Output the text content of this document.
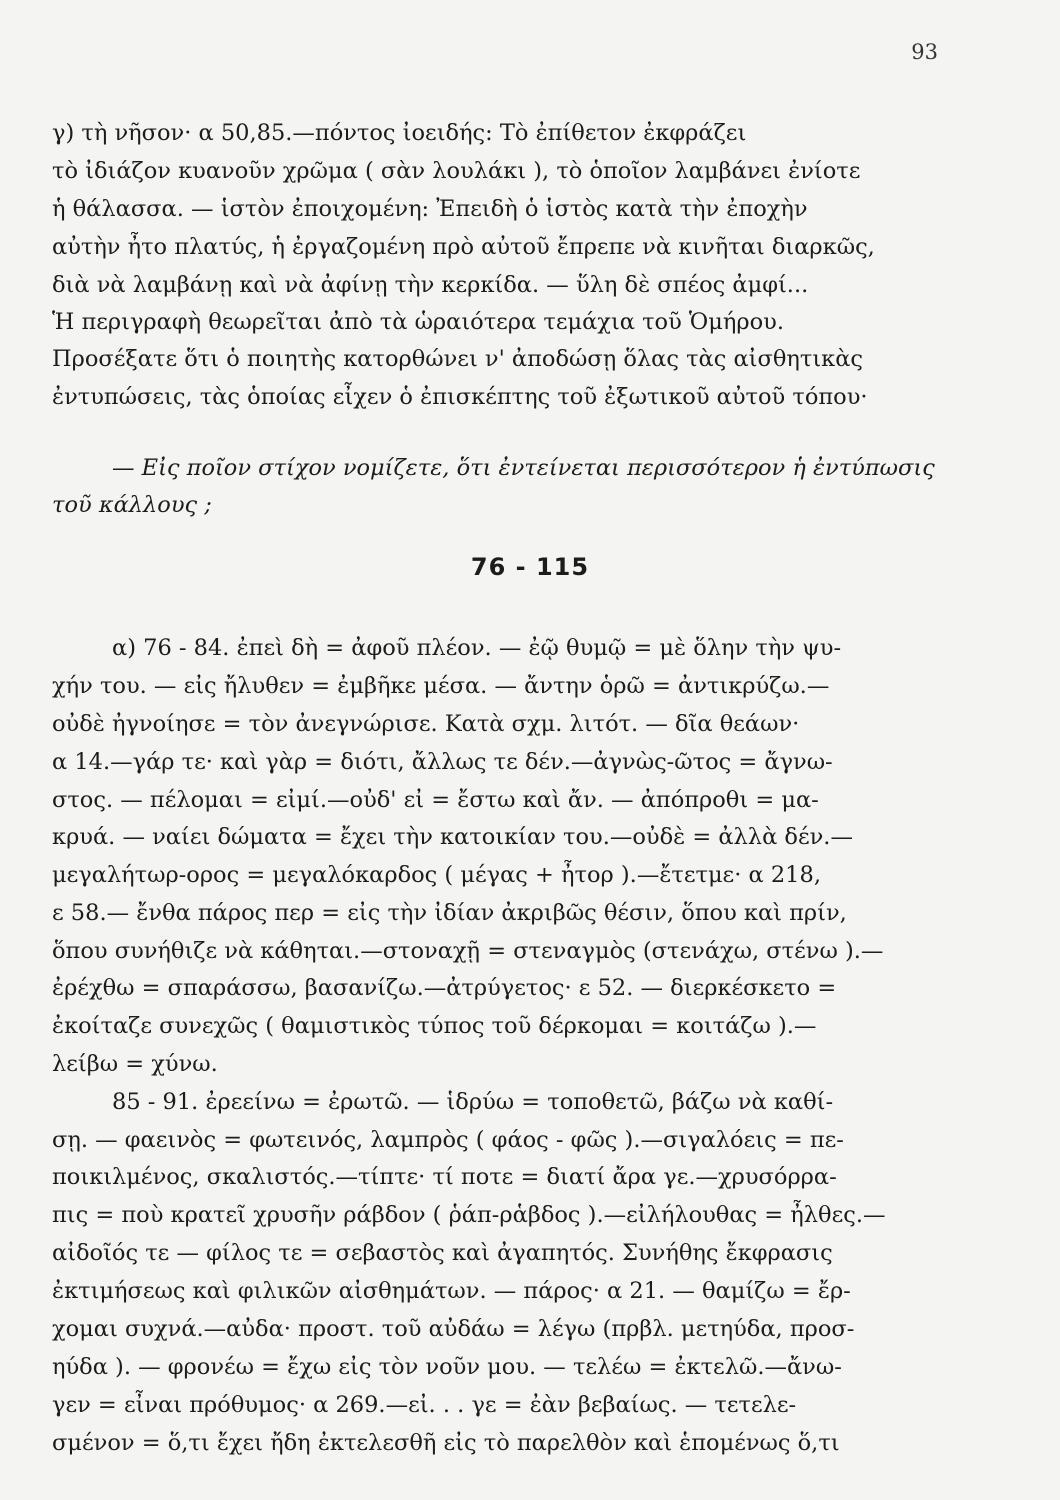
93
γ) τὴ νῆσον· α 50,85.—πόντος ἰοειδής: Τὸ ἐπίθετον ἐκφράζει
τὸ ἰδιάζον κυανοῦν χρῶμα ( σὰν λουλάκι ), τὸ ὁποῖον λαμβάνει ἐνίοτε
ἡ θάλασσα. — ἱστὸν ἐποιχομένη: Ἐπειδὴ ὁ ἱστὸς κατὰ τὴν ἐποχὴν
αὐτὴν ἦτο πλατύς, ἡ ἐργαζομένη πρὸ αὐτοῦ ἔπρεπε νὰ κινῆται διαρκῶς,
διὰ νὰ λαμβάνῃ καὶ νὰ ἀφίνῃ τὴν κερκίδα. — ὕλη δὲ σπέος ἀμφί...
Ἡ περιγραφὴ θεωρεῖται ἀπὸ τὰ ὡραιότερα τεμάχια τοῦ Ὁμήρου.
Προσέξατε ὅτι ὁ ποιητὴς κατορθώνει ν' ἀποδώσῃ ὅλας τὰς αἰσθητικὰς
ἐντυπώσεις, τὰς ὁποίας εἶχεν ὁ ἐπισκέπτης τοῦ ἐξωτικοῦ αὐτοῦ τόπου·
— Εἰς ποῖον στίχον νομίζετε, ὅτι ἐντείνεται περισσότερον ἡ ἐντύπωσις
τοῦ κάλλους ;
76 - 115
α) 76 - 84. ἐπεὶ δὴ = ἀφοῦ πλέον. — ἐῷ θυμῷ = μὲ ὅλην τὴν ψυ-
χήν του. — εἰς ἤλυθεν = ἐμβῆκε μέσα. — ἄντην ὁρῶ = ἀντικρύζω.—
οὐδὲ ἠγνοίησε = τὸν ἀνεγνώρισε. Κατὰ σχμ. λιτότ. — δῖα θεάων·
α 14.—γάρ τε· καὶ γὰρ = διότι, ἄλλως τε δέν.—ἀγνὼς-ῶτος = ἄγνω-
στος. — πέλομαι = εἰμί.—οὐδ' εἰ = ἔστω καὶ ἄν. — ἀπόπροθι = μα-
κρυά. — ναίει δώματα = ἔχει τὴν κατοικίαν του.—οὐδὲ = ἀλλὰ δέν.—
μεγαλήτωρ-ορος = μεγαλόκαρδος ( μέγας + ἦτορ ).—ἔτετμε· α 218,
ε 58.— ἔνθα πάρος περ = εἰς τὴν ἰδίαν ἀκριβῶς θέσιν, ὅπου καὶ πρίν,
ὅπου συνήθιζε νὰ κάθηται.—στοναχῇ = στεναγμὸς (στενάχω, στένω ).—
ἐρέχθω = σπαράσσω, βασανίζω.—ἀτρύγετος· ε 52. — διερκέσκετο =
ἐκοίταζε συνεχῶς ( θαμιστικὸς τύπος τοῦ δέρκομαι = κοιτάζω ).—
λείβω = χύνω.
85 - 91. ἐρεείνω = ἐρωτῶ. — ἱδρύω = τοποθετῶ, βάζω νὰ καθί-
σῃ. — φαεινὸς = φωτεινός, λαμπρὸς ( φάος - φῶς ).—σιγαλόεις = πε-
ποικιλμένος, σκαλιστός.—τίπτε· τί ποτε = διατί ἄρα γε.—χρυσόρρα-
πις = ποὺ κρατεῖ χρυσῆν ράβδον ( ῥάπ-ρἁβδος ).—εἰλήλουθας = ἦλθες.—
αἰδοῖός τε — φίλος τε = σεβαστὸς καὶ ἀγαπητός. Συνήθης ἔκφρασις
ἐκτιμήσεως καὶ φιλικῶν αἰσθημάτων. — πάρος· α 21. — θαμίζω = ἔρ-
χομαι συχνά.—αὐδα· προστ. τοῦ αὐδάω = λέγω (πρβλ. μετηύδα, προσ-
ηύδα ). — φρονέω = ἔχω εἰς τὸν νοῦν μου. — τελέω = ἐκτελῶ.—ἄνω-
γεν = εἶναι πρόθυμος· α 269.—εἰ. . . γε = ἐὰν βεβαίως. — τετελε-
σμένον = ὅ,τι ἔχει ἤδη ἐκτελεσθῆ εἰς τὸ παρελθὸν καὶ ἑπομένως ὅ,τι
